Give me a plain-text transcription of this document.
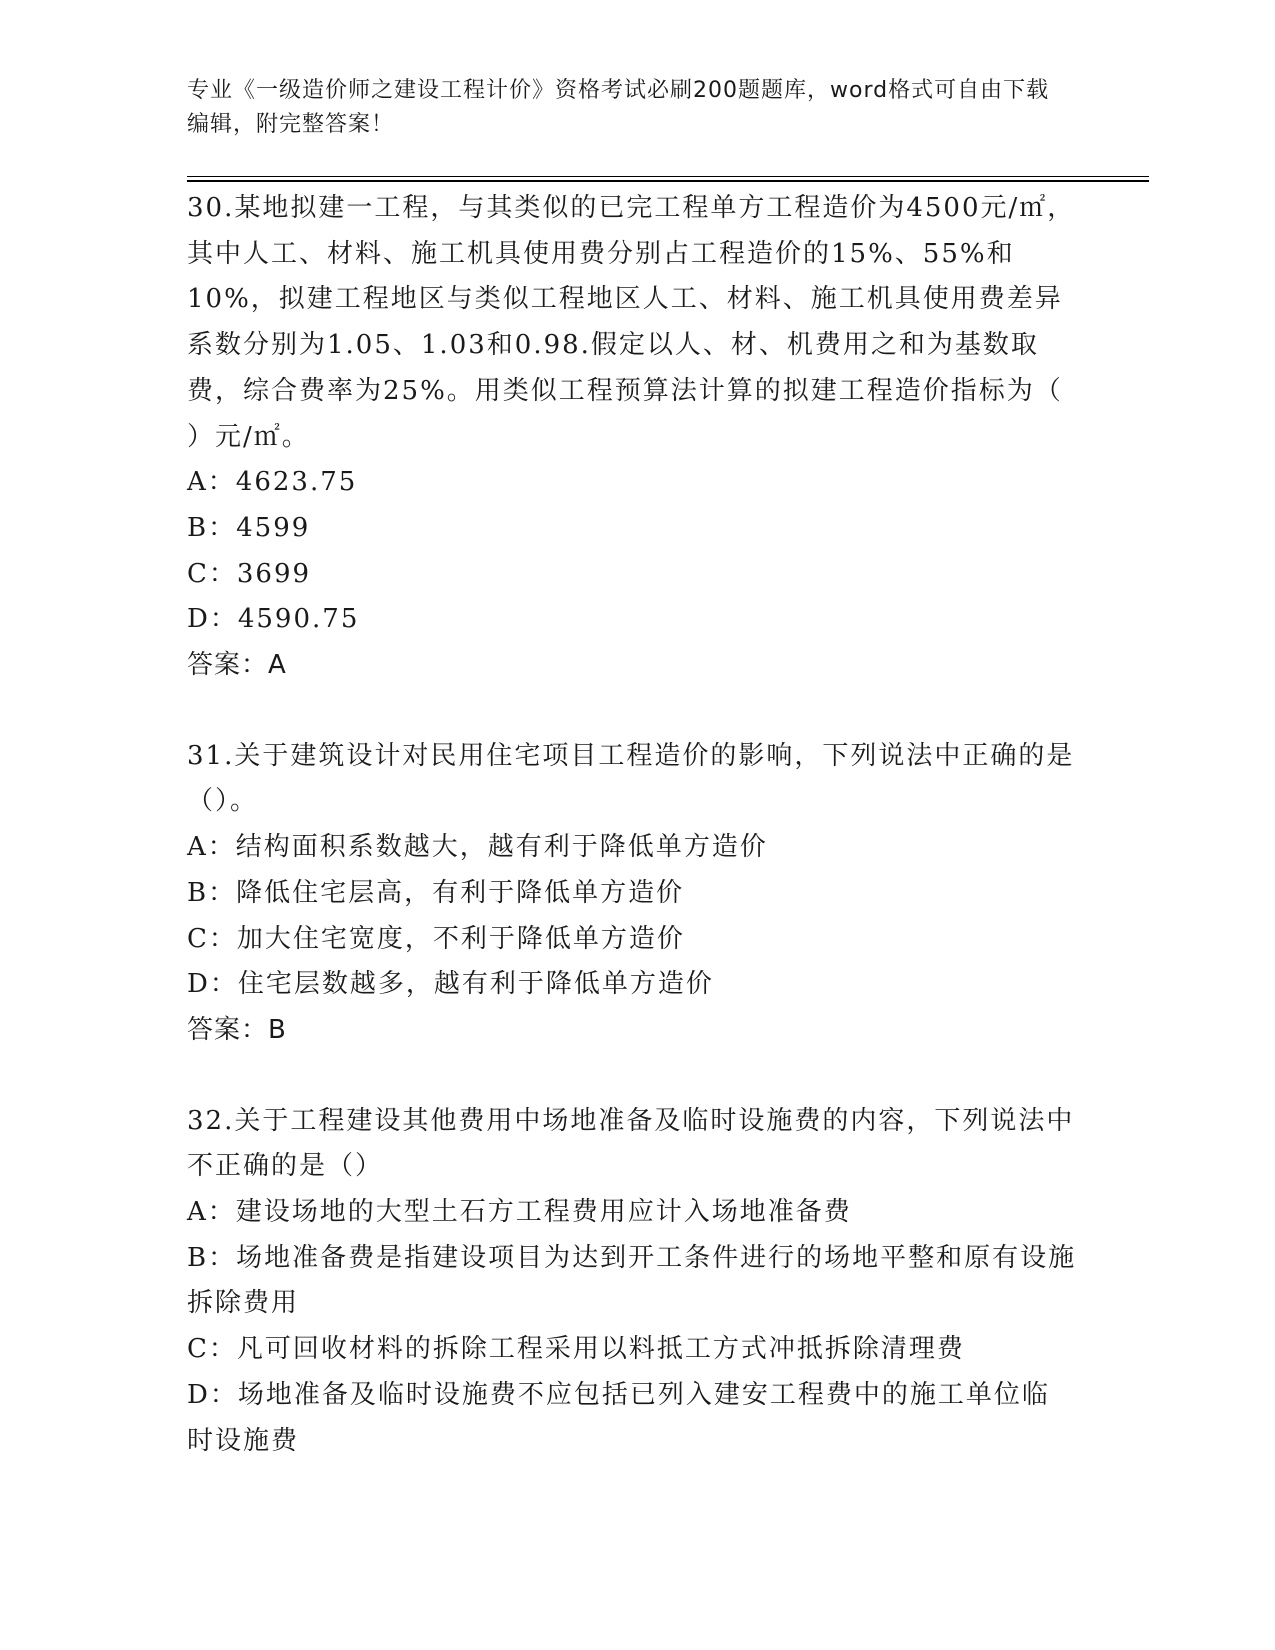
专业《一级造价师之建设工程计价》资格考试必刷200题题库，word格式可自由下载编辑，附完整答案！

30.某地拟建一工程，与其类似的已完工程单方工程造价为4500元/㎡，其中人工、材料、施工机具使用费分别占工程造价的15%、55%和10%，拟建工程地区与类似工程地区人工、材料、施工机具使用费差异系数分别为1.05、1.03和0.98.假定以人、材、机费用之和为基数取费，综合费率为25%。用类似工程预算法计算的拟建工程造价指标为（ ）元/㎡。

A：4623.75

B：4599

C：3699

D：4590.75

答案：A

31.关于建筑设计对民用住宅项目工程造价的影响，下列说法中正确的是（）。

A：结构面积系数越大，越有利于降低单方造价

B：降低住宅层高，有利于降低单方造价

C：加大住宅宽度，不利于降低单方造价

D：住宅层数越多，越有利于降低单方造价

答案：B

32.关于工程建设其他费用中场地准备及临时设施费的内容，下列说法中不正确的是（）

A：建设场地的大型土石方工程费用应计入场地准备费

B：场地准备费是指建设项目为达到开工条件进行的场地平整和原有设施拆除费用

C：凡可回收材料的拆除工程采用以料抵工方式冲抵拆除清理费

D：场地准备及临时设施费不应包括已列入建安工程费中的施工单位临时设施费
